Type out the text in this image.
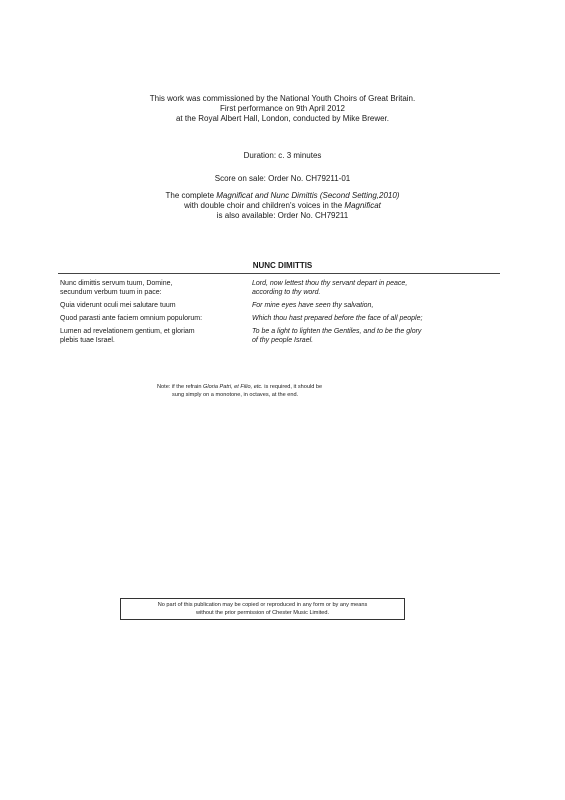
This work was commissioned by the National Youth Choirs of Great Britain.
First performance on 9th April 2012
at the Royal Albert Hall, London, conducted by Mike Brewer.
Duration: c. 3 minutes
Score on sale: Order No. CH79211-01
The complete Magnificat and Nunc Dimittis (Second Setting,2010)
with double choir and children's voices in the Magnificat
is also available: Order No. CH79211
NUNC DIMITTIS
Nunc dimittis servum tuum, Domine,
secundum verbum tuum in pace:
Lord, now lettest thou thy servant depart in peace,
according to thy word.
Quia viderunt oculi mei salutare tuum	For mine eyes have seen thy salvation,
Quod parasti ante faciem omnium populorum:	Which thou hast prepared before the face of all people;
Lumen ad revelationem gentium, et gloriam
plebis tuae Israel.
To be a light to lighten the Gentiles, and to be the glory
of thy people Israel.
Note: if the refrain Gloria Patri, et Filio, etc. is required, it should be
sung simply on a monotone, in octaves, at the end.
No part of this publication may be copied or reproduced in any form or by any means
without the prior permission of Chester Music Limited.
